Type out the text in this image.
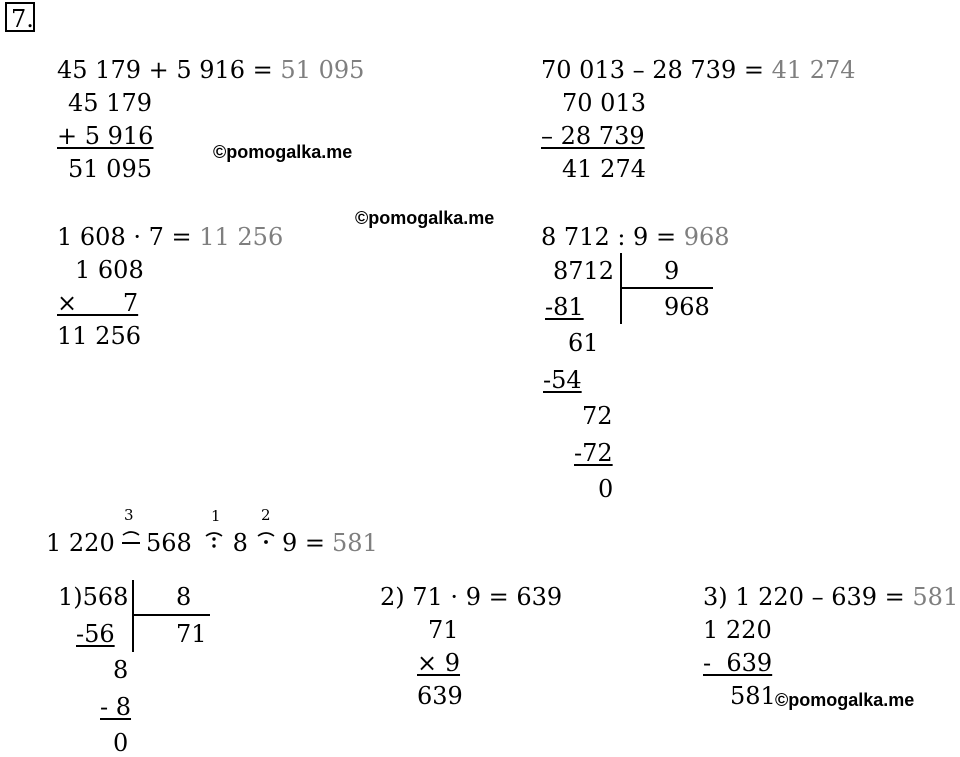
7.
45 179 + 5 916 = 51 095
45 179
+ 5 916
51 095
70 013 – 28 739 = 41 274
70 013
– 28 739
41 274
©pomogalka.me
©pomogalka.me
©pomogalka.me
1 608 · 7 = 11 256
1 608
×      7
11 256
8 712 : 9 = 968
8712 9
968
-81
61
-54
72
-72
0
3	1	2
1 220 568 8 9 = 581
1)568 8
71
-56
8
- 8
0
2) 71 · 9 = 639
71
× 9
639
3) 1 220 – 639 = 581
1 220
-  639
581
